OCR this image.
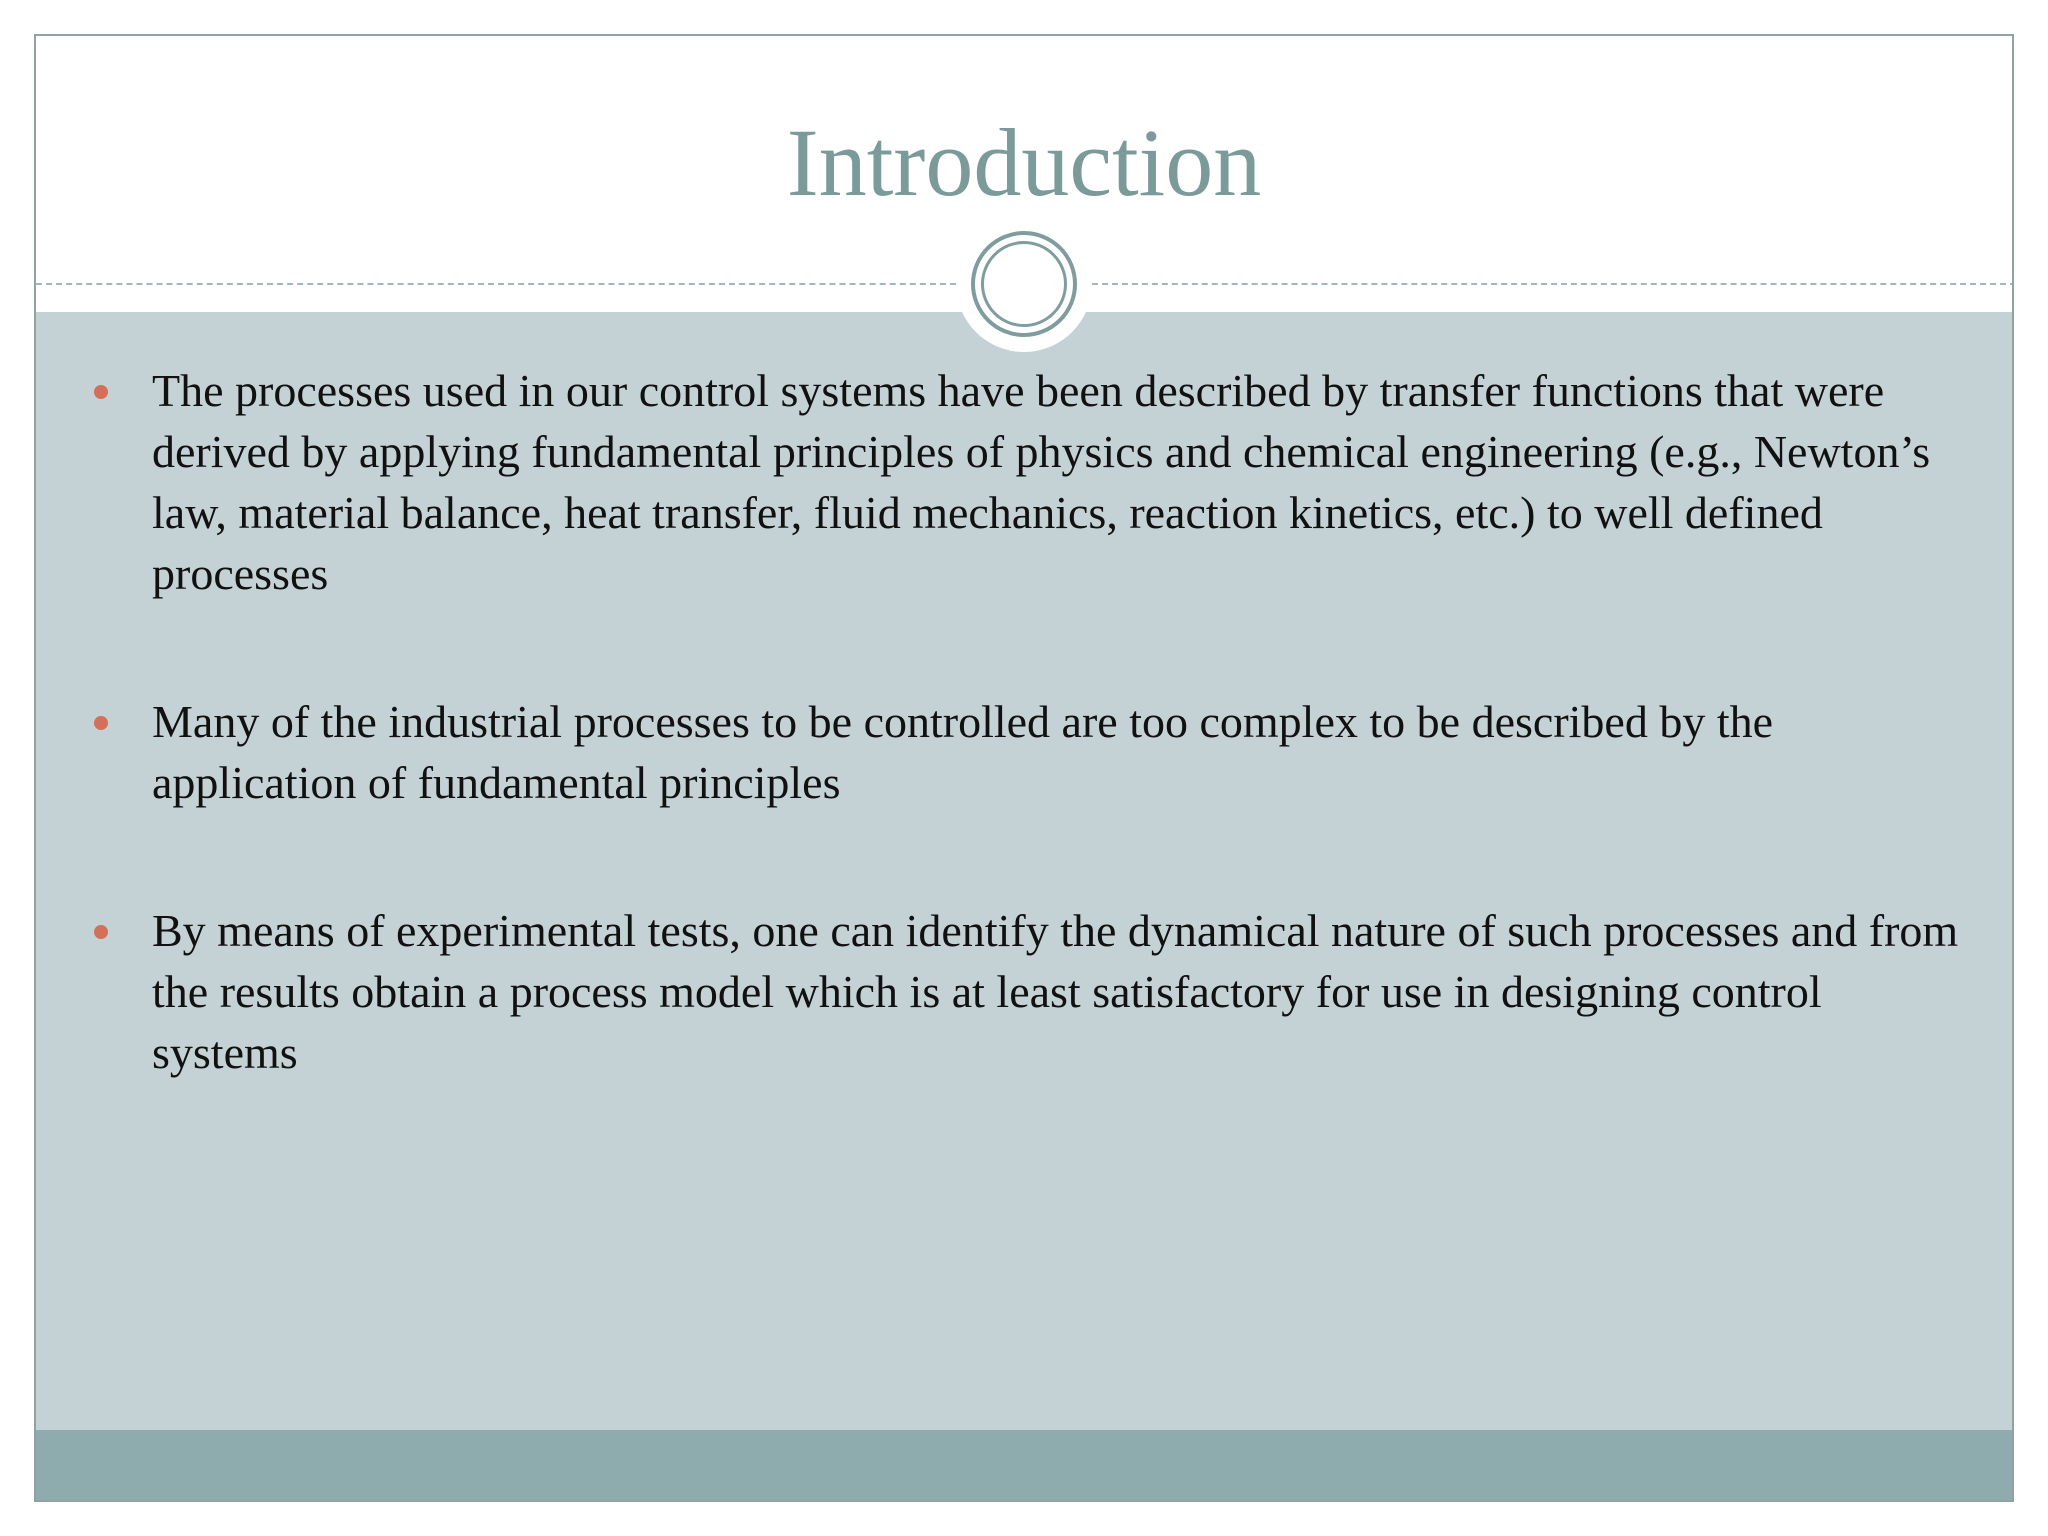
Introduction
The processes used in our control systems have been described by transfer functions that were derived by applying fundamental principles of physics and chemical engineering (e.g., Newton’s law, material balance, heat transfer, fluid mechanics, reaction kinetics, etc.) to well defined processes
Many of the industrial processes to be controlled are too complex to be described by the application of fundamental principles
By means of experimental tests, one can identify the dynamical nature of such processes and from the results obtain a process model which is at least satisfactory for use in designing control systems
